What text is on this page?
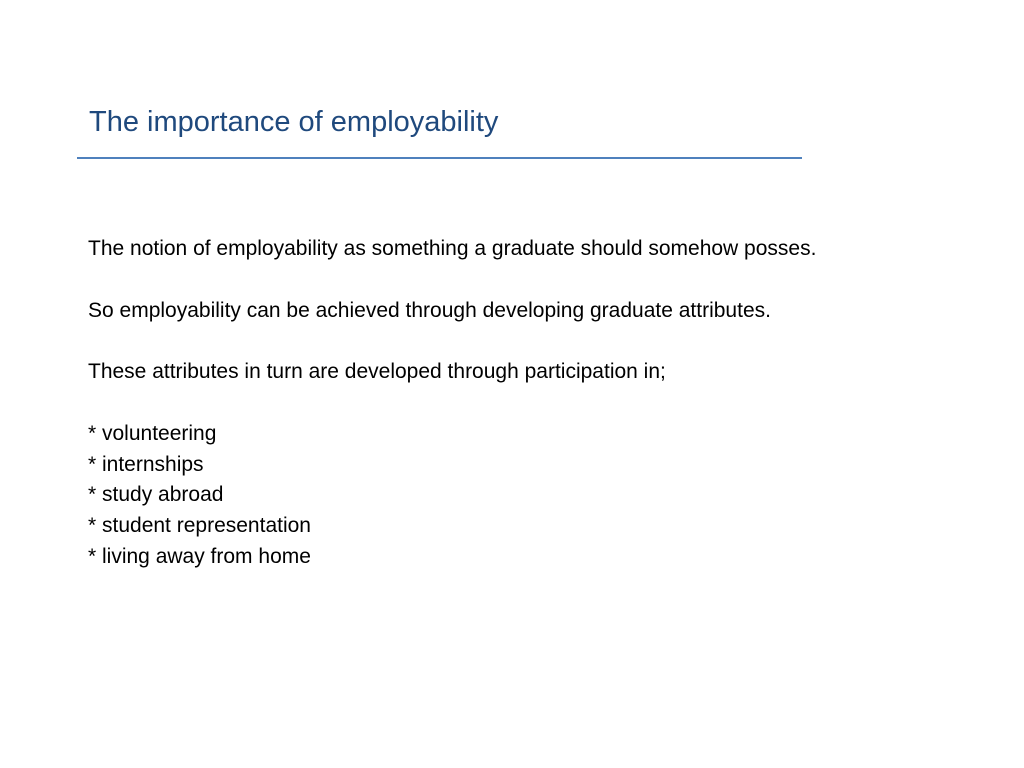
The importance of employability

The notion of employability as something a graduate should somehow posses.

So employability can be achieved through developing graduate attributes.

These attributes in turn are developed through participation in;

* volunteering
* internships
* study abroad
* student representation
* living away from home
